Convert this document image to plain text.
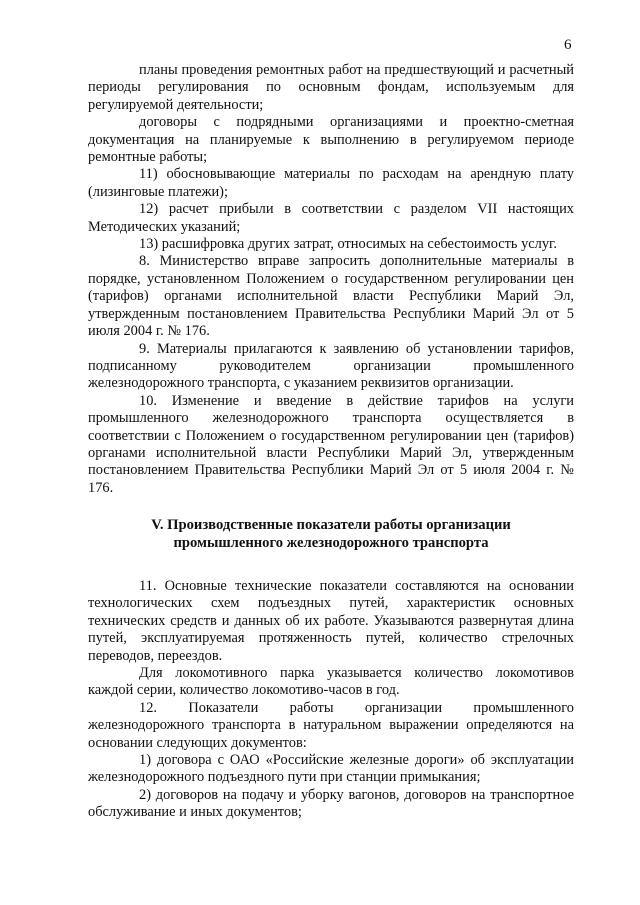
6

планы проведения ремонтных работ на предшествующий и расчетный периоды регулирования по основным фондам, используемым для регулируемой деятельности;

договоры с подрядными организациями и проектно-сметная документация на планируемые к выполнению в регулируемом периоде ремонтные работы;

11) обосновывающие материалы по расходам на арендную плату (лизинговые платежи);

12) расчет прибыли в соответствии с разделом VII настоящих Методических указаний;

13) расшифровка других затрат, относимых на себестоимость услуг.

8. Министерство вправе запросить дополнительные материалы в порядке, установленном Положением о государственном регулировании цен (тарифов) органами исполнительной власти Республики Марий Эл, утвержденным постановлением Правительства Республики Марий Эл от 5 июля 2004 г. № 176.

9. Материалы прилагаются к заявлению об установлении тарифов, подписанному руководителем организации промышленного железнодорожного транспорта, с указанием реквизитов организации.

10. Изменение и введение в действие тарифов на услуги промышленного железнодорожного транспорта осуществляется в соответствии с Положением о государственном регулировании цен (тарифов) органами исполнительной власти Республики Марий Эл, утвержденным постановлением Правительства Республики Марий Эл от 5 июля 2004 г. № 176.

V. Производственные показатели работы организации

промышленного железнодорожного транспорта

11. Основные технические показатели составляются на основании технологических схем подъездных путей, характеристик основных технических средств и данных об их работе. Указываются развернутая длина путей, эксплуатируемая протяженность путей, количество стрелочных переводов, переездов.

Для локомотивного парка указывается количество локомотивов каждой серии, количество локомотиво-часов в год.

12. Показатели работы организации промышленного железнодорожного транспорта в натуральном выражении определяются на основании следующих документов:

1) договора с ОАО «Российские железные дороги» об эксплуатации железнодорожного подъездного пути при станции примыкания;

2) договоров на подачу и уборку вагонов, договоров на транспортное обслуживание и иных документов;
